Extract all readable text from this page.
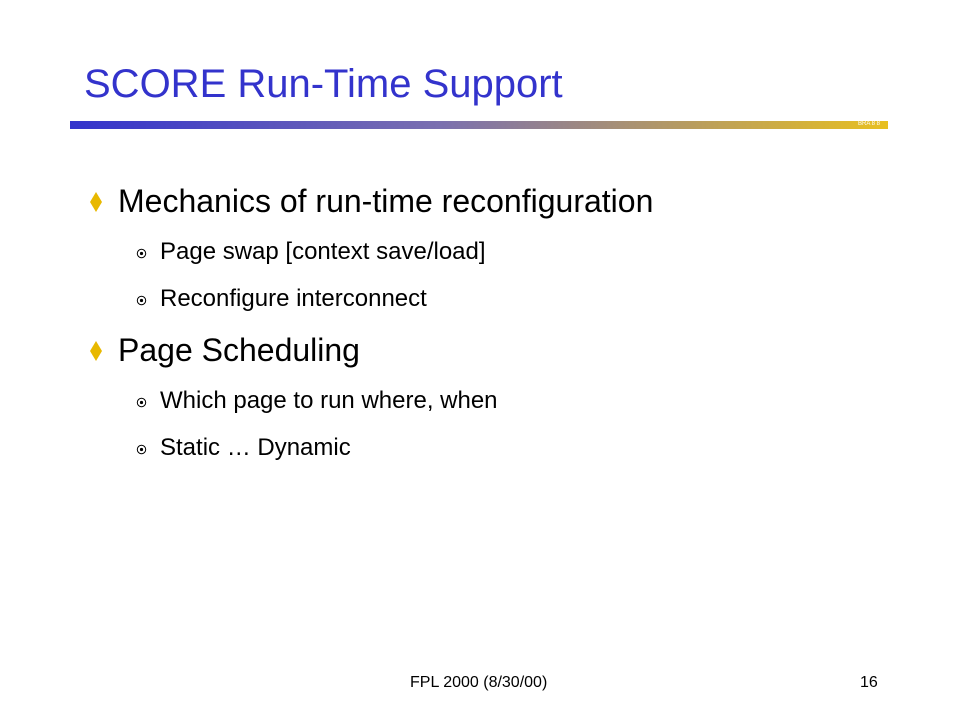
SCORE Run-Time Support
BRA 8 8
Mechanics of run-time reconfiguration
Page swap [context save/load]
Reconfigure interconnect
Page Scheduling
Which page to run where, when
Static … Dynamic
FPL 2000 (8/30/00)	16
